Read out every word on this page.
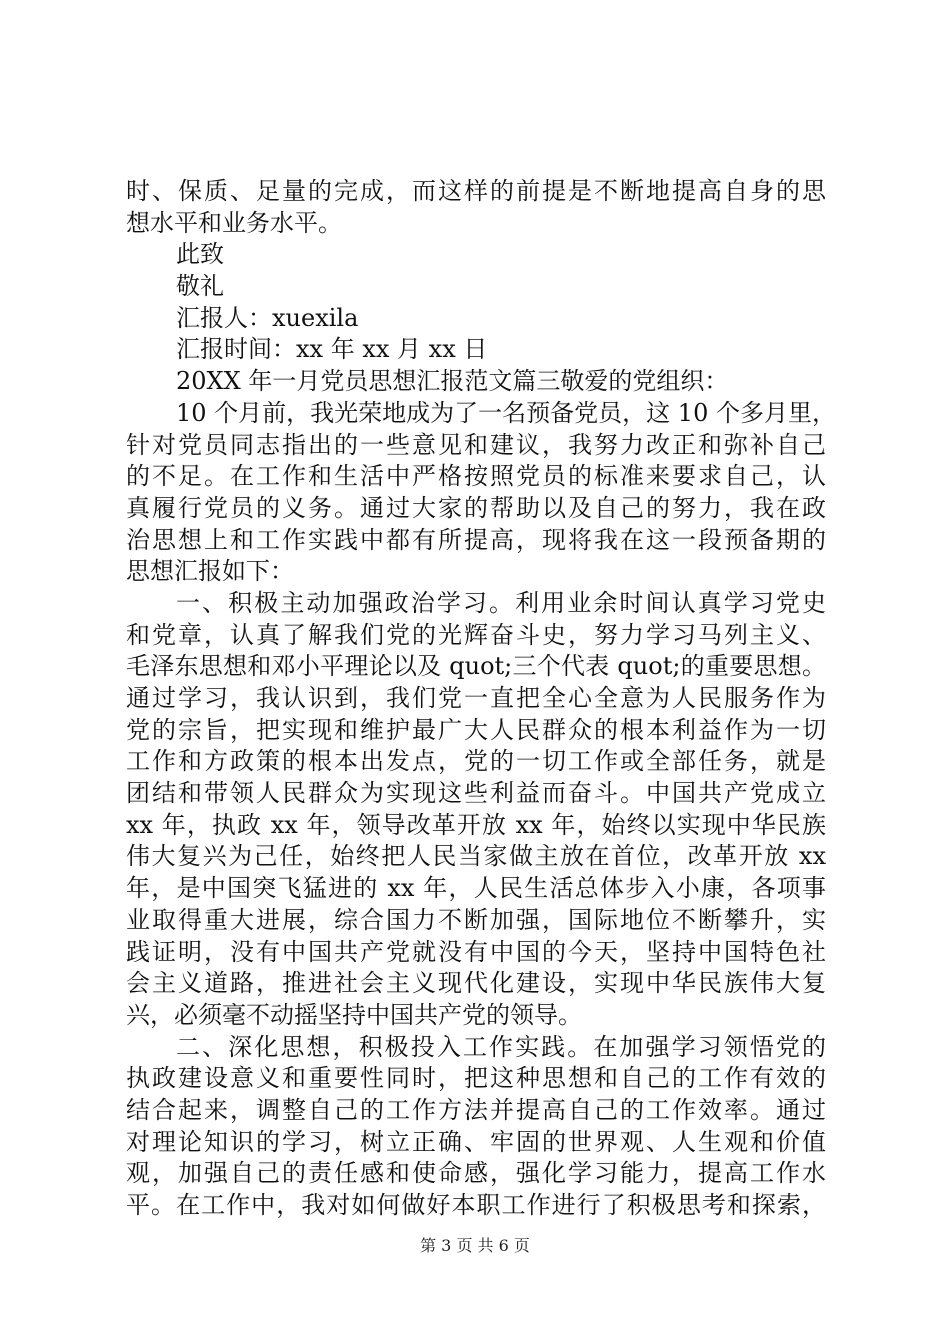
时、保质、足量的完成，而这样的前提是不断地提高自身的思
想水平和业务水平。
此致
敬礼
汇报人：xuexila
汇报时间：xx 年 xx 月 xx 日
20XX 年一月党员思想汇报范文篇三敬爱的党组织：
10 个月前，我光荣地成为了一名预备党员，这 10 个多月里，
针对党员同志指出的一些意见和建议，我努力改正和弥补自己
的不足。在工作和生活中严格按照党员的标准来要求自己，认
真履行党员的义务。通过大家的帮助以及自己的努力，我在政
治思想上和工作实践中都有所提高，现将我在这一段预备期的
思想汇报如下：
一、积极主动加强政治学习。利用业余时间认真学习党史
和党章，认真了解我们党的光辉奋斗史，努力学习马列主义、
毛泽东思想和邓小平理论以及 quot;三个代表 quot;的重要思想。
通过学习，我认识到，我们党一直把全心全意为人民服务作为
党的宗旨，把实现和维护最广大人民群众的根本利益作为一切
工作和方政策的根本出发点，党的一切工作或全部任务，就是
团结和带领人民群众为实现这些利益而奋斗。中国共产党成立
xx 年，执政 xx 年，领导改革开放 xx 年，始终以实现中华民族
伟大复兴为己任，始终把人民当家做主放在首位，改革开放 xx
年，是中国突飞猛进的 xx 年，人民生活总体步入小康，各项事
业取得重大进展，综合国力不断加强，国际地位不断攀升，实
践证明，没有中国共产党就没有中国的今天，坚持中国特色社
会主义道路，推进社会主义现代化建设，实现中华民族伟大复
兴，必须毫不动摇坚持中国共产党的领导。
二、深化思想，积极投入工作实践。在加强学习领悟党的
执政建设意义和重要性同时，把这种思想和自己的工作有效的
结合起来，调整自己的工作方法并提高自己的工作效率。通过
对理论知识的学习，树立正确、牢固的世界观、人生观和价值
观，加强自己的责任感和使命感，强化学习能力，提高工作水
平。在工作中，我对如何做好本职工作进行了积极思考和探索，
第 3 页 共 6 页
